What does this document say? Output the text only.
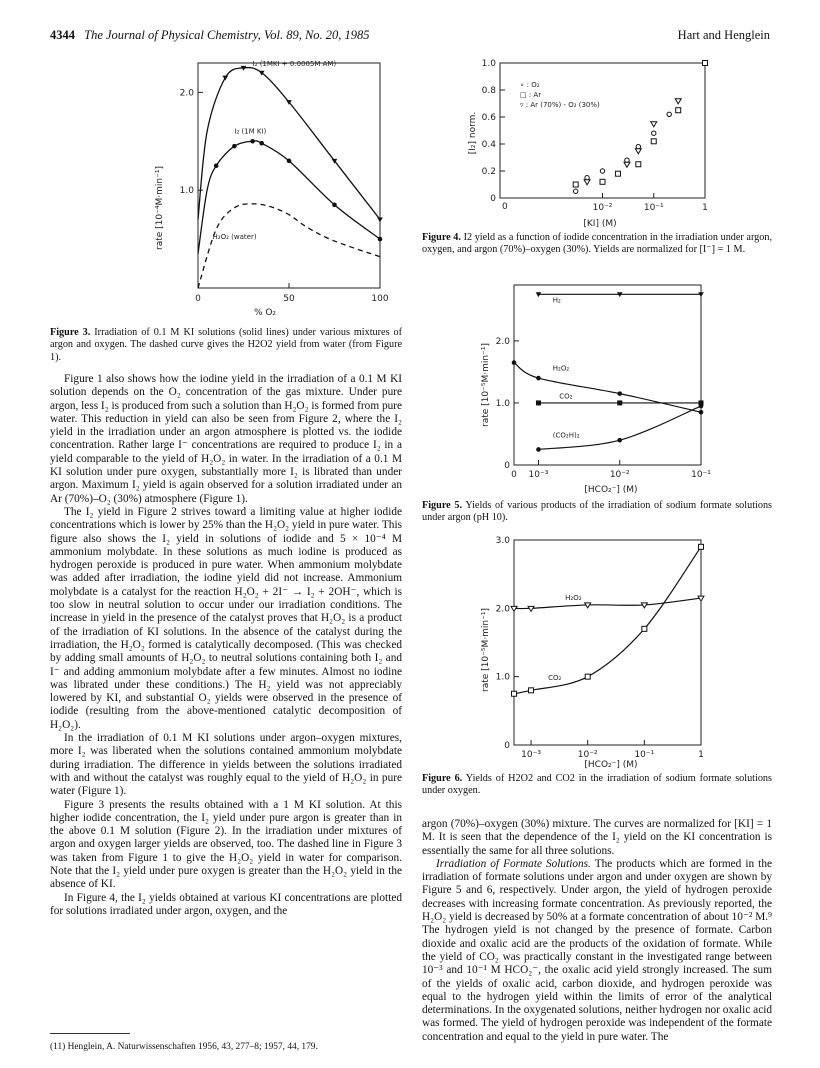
4344 The Journal of Physical Chemistry, Vol. 89, No. 20, 1985	Hart and Henglein
rate [10⁻⁴M·min⁻¹]
% O₂
1.0
2.0
0	50	100
I₂ (1MKI + 0.0005M AM)
I₂ (1M KI)
H₂O₂ (water)
Figure 3. Irradiation of 0.1 M KI solutions (solid lines) under various mixtures of argon and oxygen. The dashed curve gives the H2O2 yield from water (from Figure 1).
[I₂] norm.
[KI] (M)
0.2
0.4
0.6
0.8
1.0
0
0	10⁻²	10⁻¹	1
∘ : O₂
□ : Ar
▿ : Ar (70%) - O₂ (30%)
Figure 4. I2 yield as a function of iodide concentration in the irradiation under argon, oxygen, and argon (70%)–oxygen (30%). Yields are normalized for [I⁻] = 1 M.
rate [10⁻⁵M·min⁻¹]
[HCO₂⁻] (M)
1.0
2.0
0
0 10⁻³	10⁻²	10⁻¹
H₂
H₂O₂
CO₂
(CO₂H)₂
Figure 5. Yields of various products of the irradiation of sodium formate solutions under argon (pH 10).
rate [10⁻⁵M·min⁻¹]
[HCO₂⁻] (M)
1.0
2.0
3.0
0
10⁻³	10⁻²	10⁻¹	1
H₂O₂
CO₂
Figure 6. Yields of H2O2 and CO2 in the irradiation of sodium formate solutions under oxygen.

Figure 1 also shows how the iodine yield in the irradiation of a 0.1 M KI solution depends on the O₂ concentration of the gas mixture. Under pure argon, less I₂ is produced from such a solution than H₂O₂ is formed from pure water. This reduction in yield can also be seen from Figure 2, where the I₂ yield in the irradiation under an argon atmosphere is plotted vs. the iodide concentration. Rather large I⁻ concentrations are required to produce I₂ in a yield comparable to the yield of H₂O₂ in water. In the irradiation of a 0.1 M KI solution under pure oxygen, substantially more I₂ is librated than under argon. Maximum I₂ yield is again observed for a solution irradiated under an Ar (70%)–O₂ (30%) atmosphere (Figure 1).

The I₂ yield in Figure 2 strives toward a limiting value at higher iodide concentrations which is lower by 25% than the H₂O₂ yield in pure water. This figure also shows the I₂ yield in solutions of iodide and 5 × 10⁻⁴ M ammonium molybdate. In these solutions as much iodine is produced as hydrogen peroxide is produced in pure water. When ammonium molybdate was added after irradiation, the iodine yield did not increase. Ammonium molybdate is a catalyst for the reaction H₂O₂ + 2I⁻ → I₂ + 2OH⁻, which is too slow in neutral solution to occur under our irradiation conditions. The increase in yield in the presence of the catalyst proves that H₂O₂ is a product of the irradiation of KI solutions. In the absence of the catalyst during the irradiation, the H₂O₂ formed is catalytically decomposed. (This was checked by adding small amounts of H₂O₂ to neutral solutions containing both I₂ and I⁻ and adding ammonium molybdate after a few minutes. Almost no iodine was librated under these conditions.) The H₂ yield was not appreciably lowered by KI, and substantial O₂ yields were observed in the presence of iodide (resulting from the above-mentioned catalytic decomposition of H₂O₂).

In the irradiation of 0.1 M KI solutions under argon–oxygen mixtures, more I₂ was liberated when the solutions contained ammonium molybdate during irradiation. The difference in yields between the solutions irradiated with and without the catalyst was roughly equal to the yield of H₂O₂ in pure water (Figure 1).

Figure 3 presents the results obtained with a 1 M KI solution. At this higher iodide concentration, the I₂ yield under pure argon is greater than in the above 0.1 M solution (Figure 2). In the irradiation under mixtures of argon and oxygen larger yields are observed, too. The dashed line in Figure 3 was taken from Figure 1 to give the H₂O₂ yield in water for comparison. Note that the I₂ yield under pure oxygen is greater than the H₂O₂ yield in the absence of KI.

In Figure 4, the I₂ yields obtained at various KI concentrations are plotted for solutions irradiated under argon, oxygen, and the

argon (70%)–oxygen (30%) mixture. The curves are normalized for [KI] = 1 M. It is seen that the dependence of the I₂ yield on the KI concentration is essentially the same for all three solutions.

Irradiation of Formate Solutions. The products which are formed in the irradiation of formate solutions under argon and under oxygen are shown by Figure 5 and 6, respectively. Under argon, the yield of hydrogen peroxide decreases with increasing formate concentration. As previously reported, the H₂O₂ yield is decreased by 50% at a formate concentration of about 10⁻² M.⁹ The hydrogen yield is not changed by the presence of formate. Carbon dioxide and oxalic acid are the products of the oxidation of formate. While the yield of CO₂ was practically constant in the investigated range between 10⁻³ and 10⁻¹ M HCO₂⁻, the oxalic acid yield strongly increased. The sum of the yields of oxalic acid, carbon dioxide, and hydrogen peroxide was equal to the hydrogen yield within the limits of error of the analytical determinations. In the oxygenated solutions, neither hydrogen nor oxalic acid was formed. The yield of hydrogen peroxide was independent of the formate concentration and equal to the yield in pure water. The

(11) Henglein, A. Naturwissenschaften 1956, 43, 277–8; 1957, 44, 179.
